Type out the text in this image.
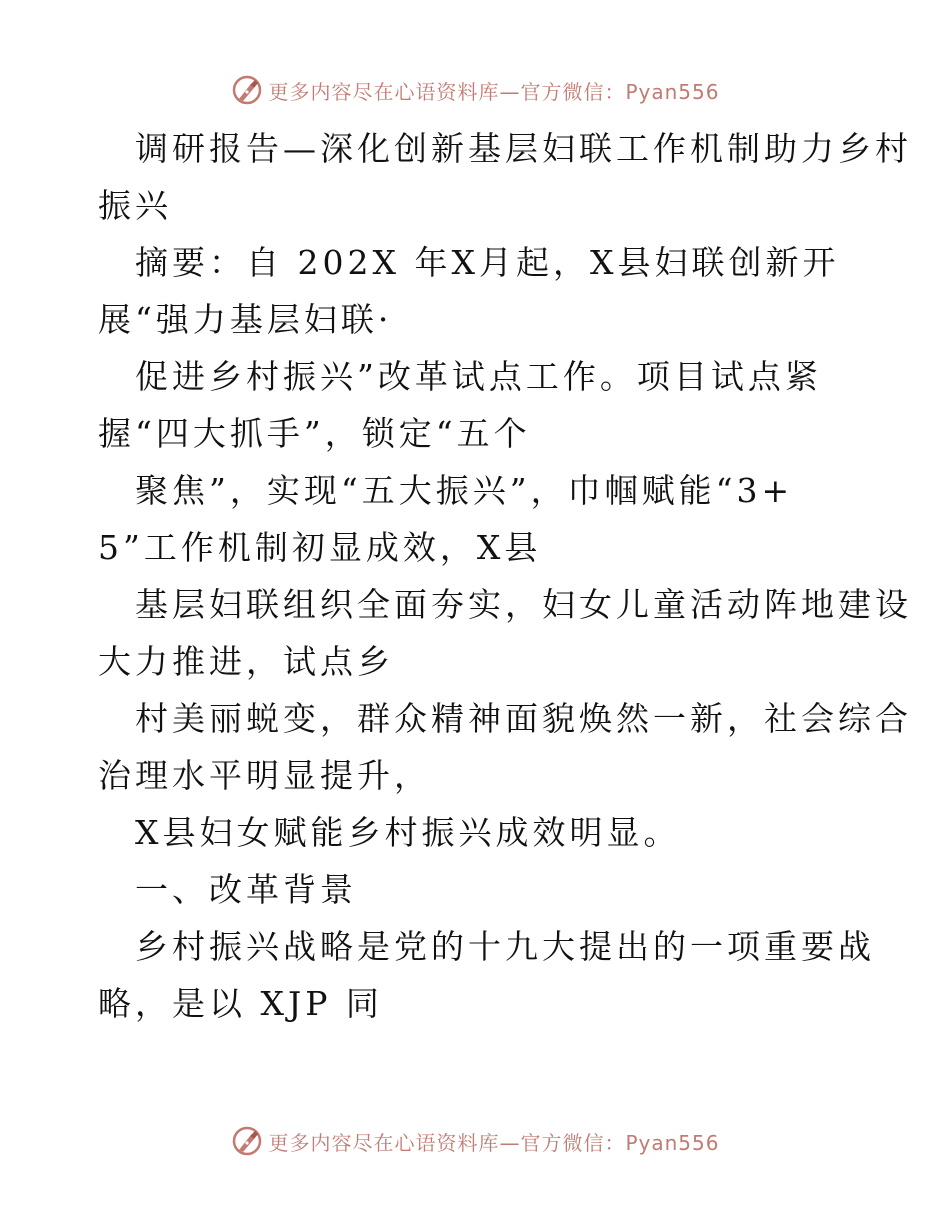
更多内容尽在心语资料库—官方微信：Pyan556
调研报告—深化创新基层妇联工作机制助力乡村
振兴
摘要：自 202X 年X月起，X县妇联创新开
展“强力基层妇联·
促进乡村振兴”改革试点工作。项目试点紧
握“四大抓手”，锁定“五个
聚焦”，实现“五大振兴”，巾帼赋能“3+
5”工作机制初显成效，X县
基层妇联组织全面夯实，妇女儿童活动阵地建设
大力推进，试点乡
村美丽蜕变，群众精神面貌焕然一新，社会综合
治理水平明显提升，
X县妇女赋能乡村振兴成效明显。
一、改革背景
乡村振兴战略是党的十九大提出的一项重要战
略，是以 XJP 同
更多内容尽在心语资料库—官方微信：Pyan556
